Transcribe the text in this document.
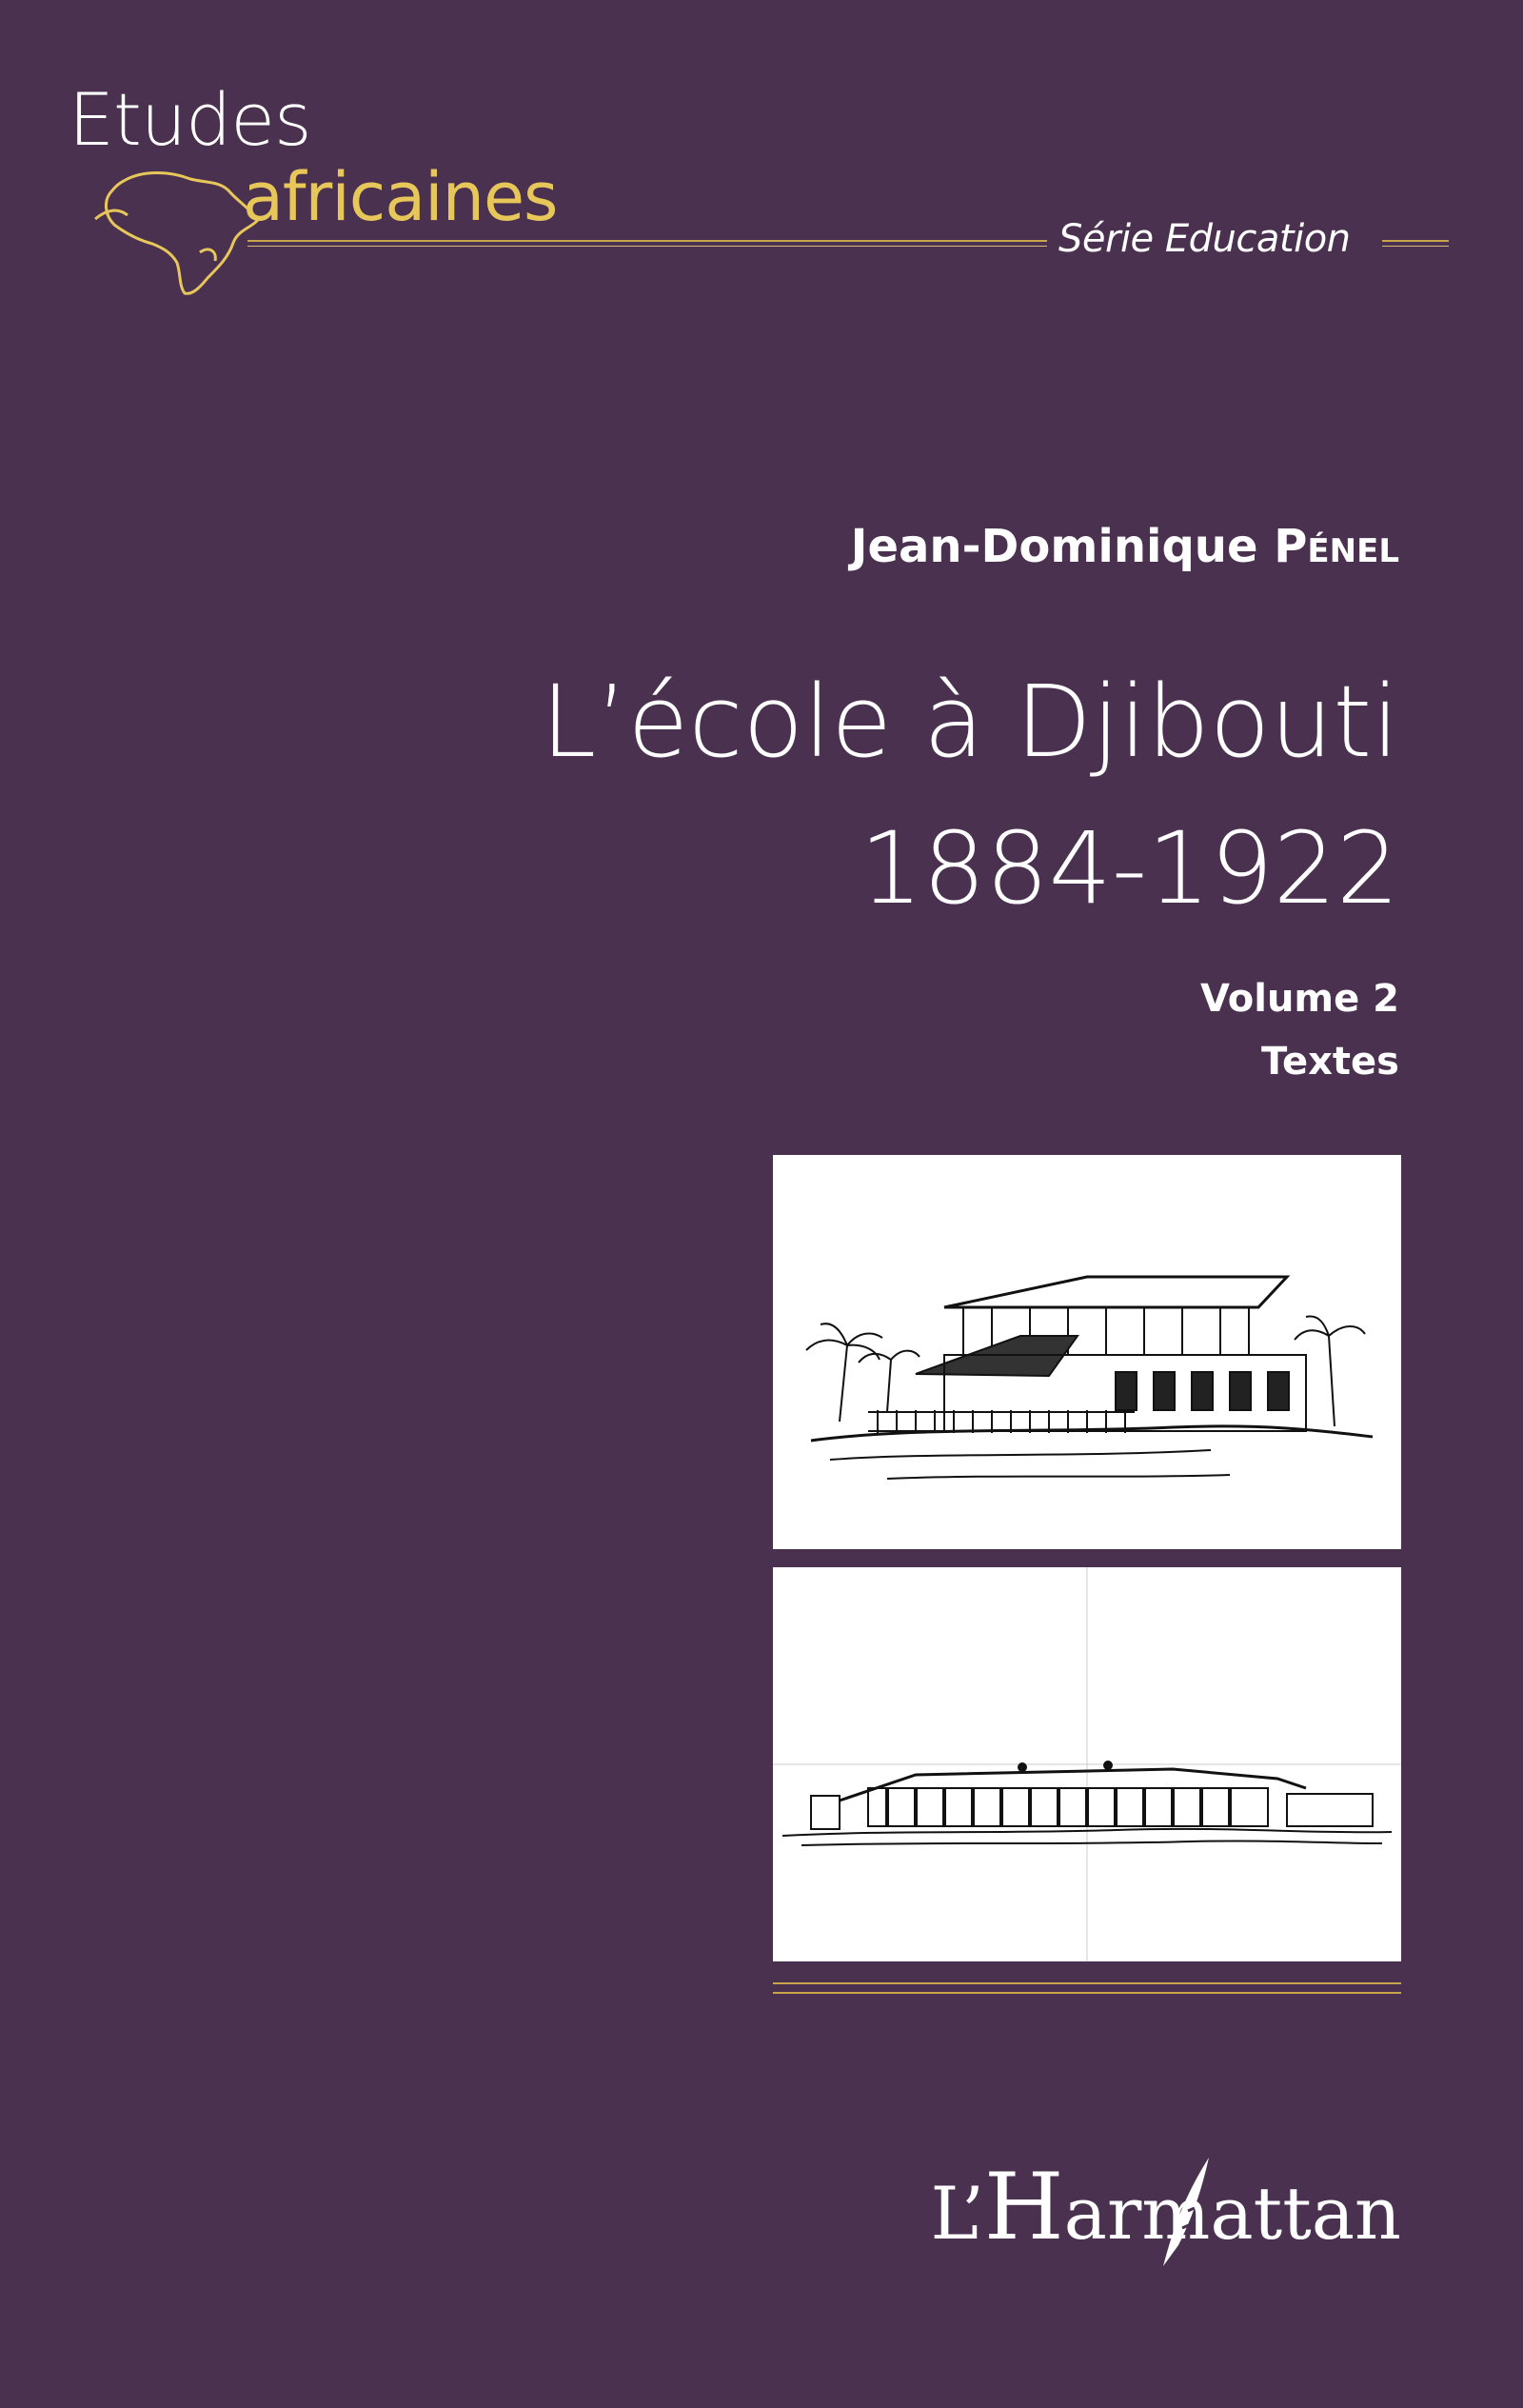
Etudes
africaines
Série Education
Jean-Dominique Pénel
L’école à Djibouti
1884-1922
Volume 2
Textes
L’Harmattan
